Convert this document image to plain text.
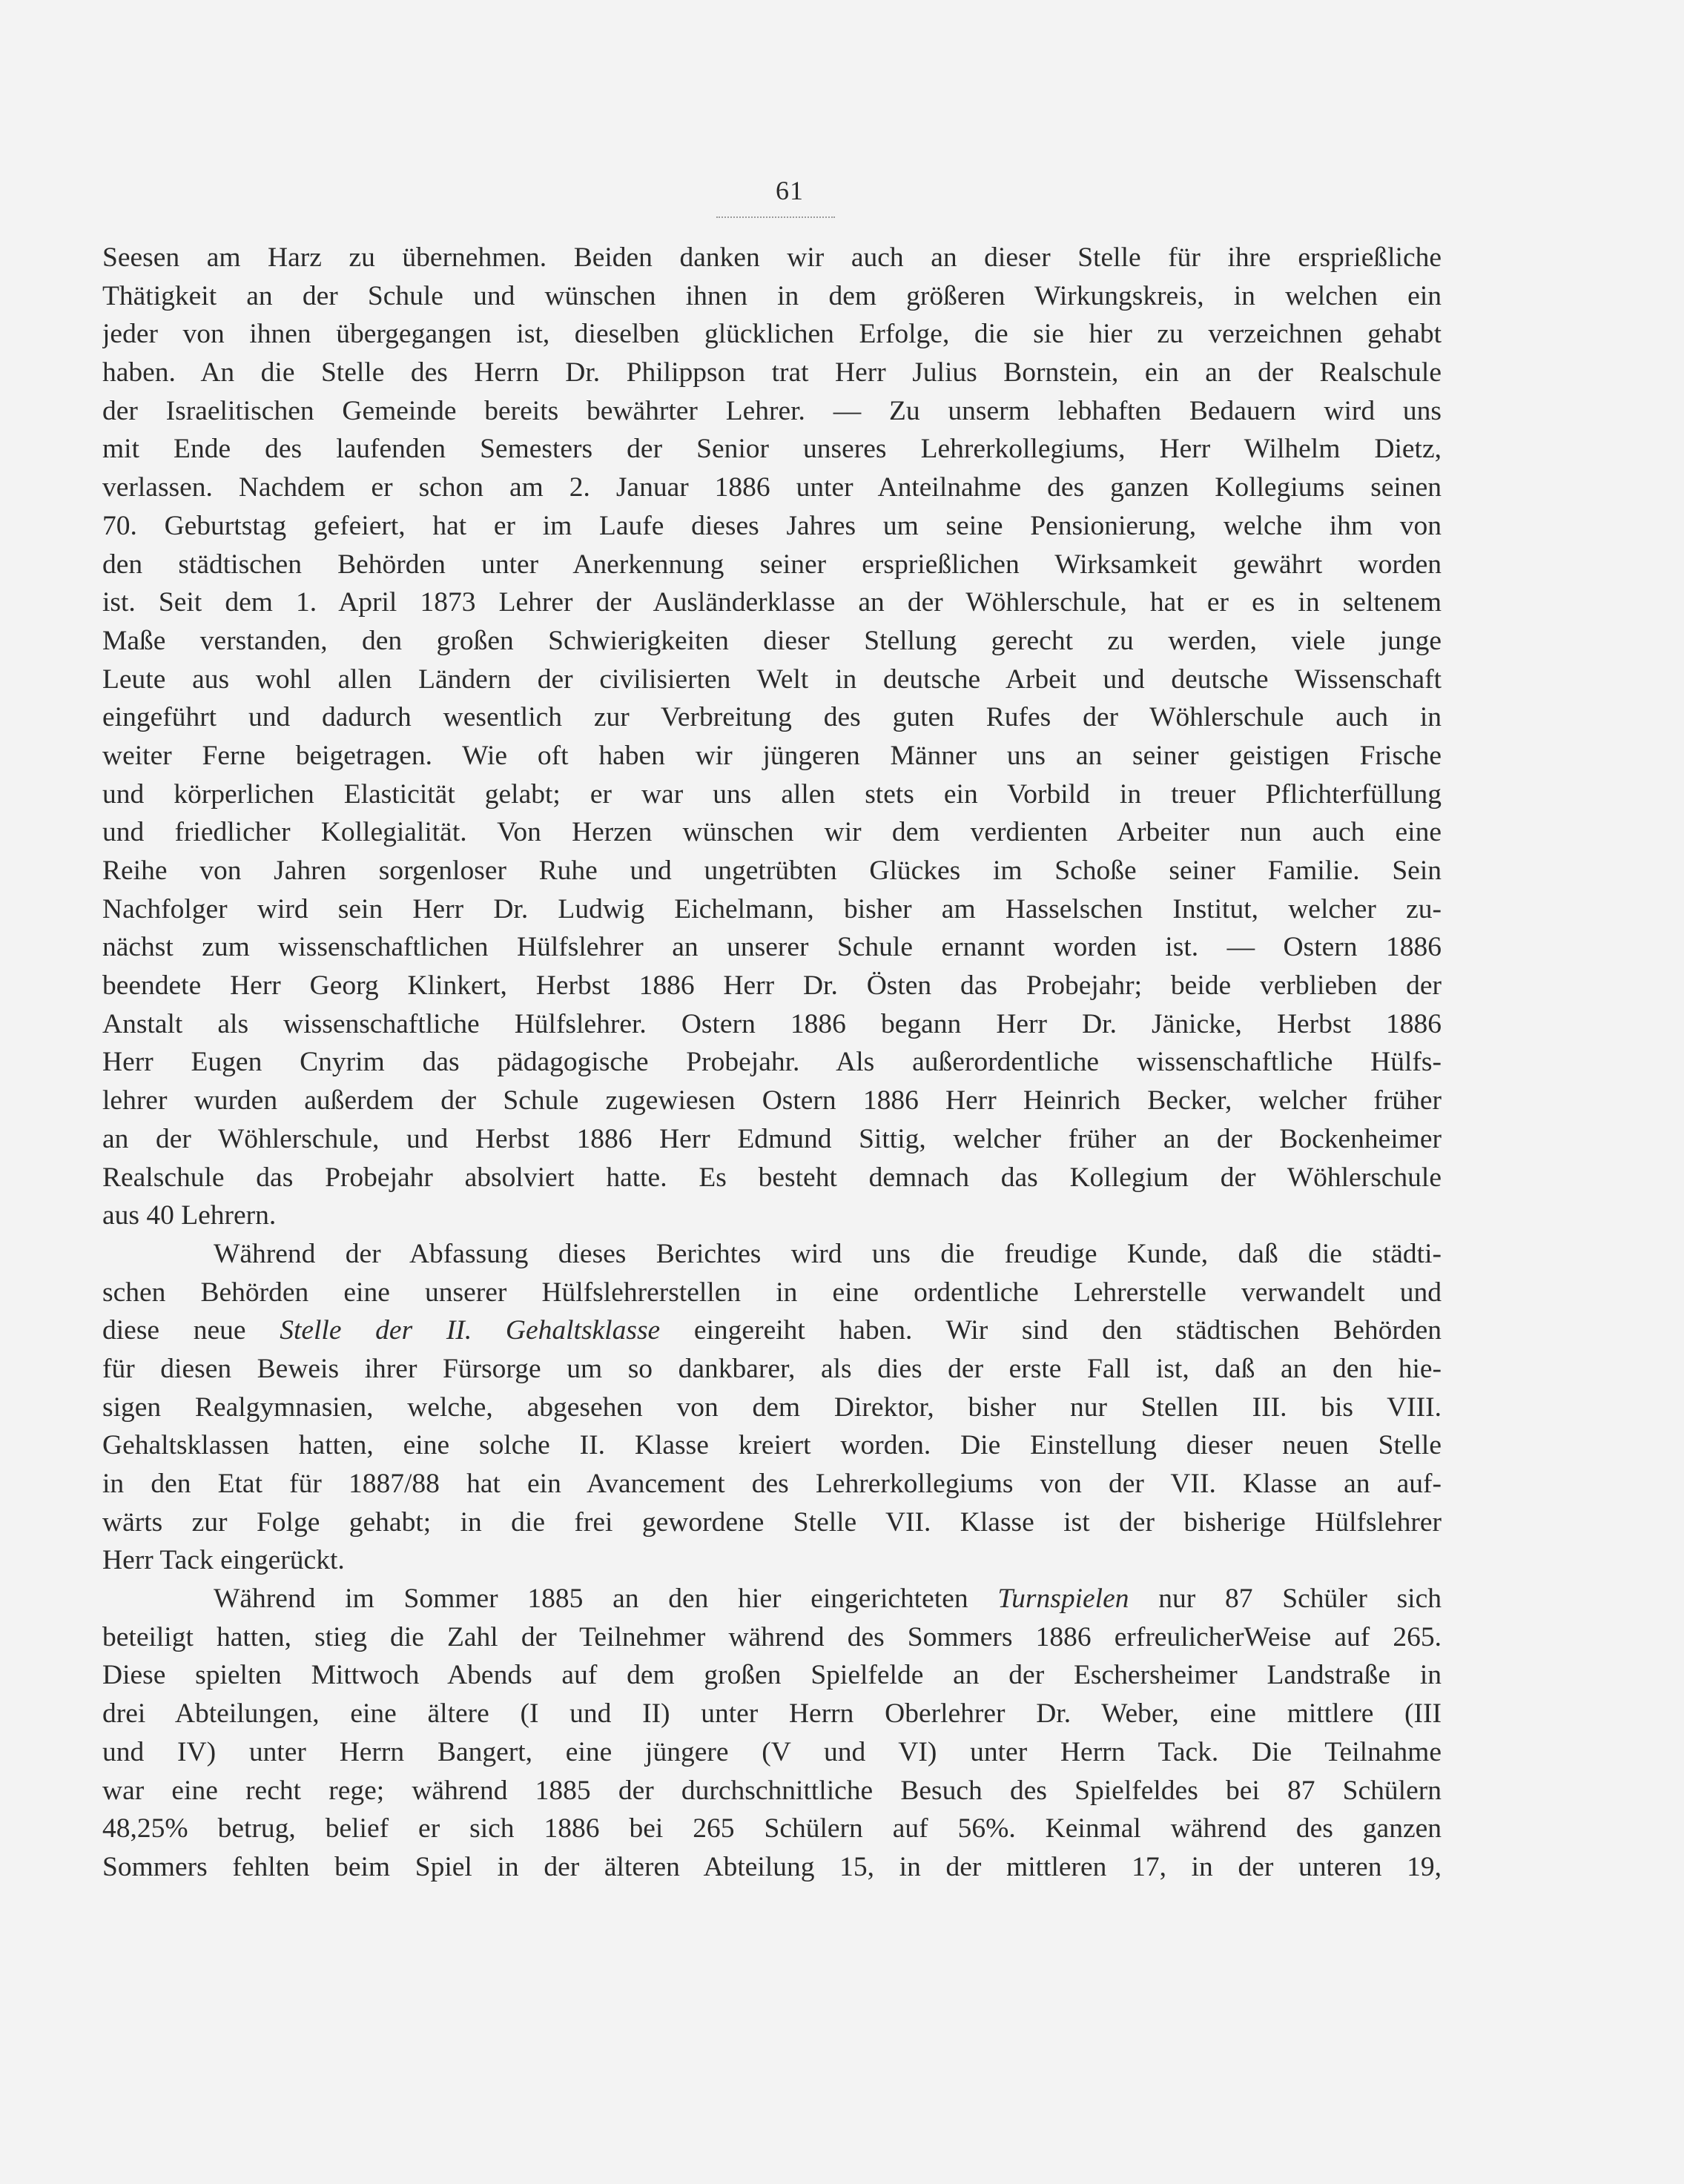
61
Seesen am Harz zu übernehmen. Beiden danken wir auch an dieser Stelle für ihre ersprießliche
Thätigkeit an der Schule und wünschen ihnen in dem größeren Wirkungskreis, in welchen ein
jeder von ihnen übergegangen ist, dieselben glücklichen Erfolge, die sie hier zu verzeichnen gehabt
haben. An die Stelle des Herrn Dr. Philippson trat Herr Julius Bornstein, ein an der Realschule
der Israelitischen Gemeinde bereits bewährter Lehrer. — Zu unserm lebhaften Bedauern wird uns
mit Ende des laufenden Semesters der Senior unseres Lehrerkollegiums, Herr Wilhelm Dietz,
verlassen. Nachdem er schon am 2. Januar 1886 unter Anteilnahme des ganzen Kollegiums seinen
70. Geburtstag gefeiert, hat er im Laufe dieses Jahres um seine Pensionierung, welche ihm von
den städtischen Behörden unter Anerkennung seiner ersprießlichen Wirksamkeit gewährt worden
ist. Seit dem 1. April 1873 Lehrer der Ausländerklasse an der Wöhlerschule, hat er es in seltenem
Maße verstanden, den großen Schwierigkeiten dieser Stellung gerecht zu werden, viele junge
Leute aus wohl allen Ländern der civilisierten Welt in deutsche Arbeit und deutsche Wissenschaft
eingeführt und dadurch wesentlich zur Verbreitung des guten Rufes der Wöhlerschule auch in
weiter Ferne beigetragen. Wie oft haben wir jüngeren Männer uns an seiner geistigen Frische
und körperlichen Elasticität gelabt; er war uns allen stets ein Vorbild in treuer Pflichterfüllung
und friedlicher Kollegialität. Von Herzen wünschen wir dem verdienten Arbeiter nun auch eine
Reihe von Jahren sorgenloser Ruhe und ungetrübten Glückes im Schoße seiner Familie. Sein
Nachfolger wird sein Herr Dr. Ludwig Eichelmann, bisher am Hasselschen Institut, welcher zu-
nächst zum wissenschaftlichen Hülfslehrer an unserer Schule ernannt worden ist. — Ostern 1886
beendete Herr Georg Klinkert, Herbst 1886 Herr Dr. Östen das Probejahr; beide verblieben der
Anstalt als wissenschaftliche Hülfslehrer. Ostern 1886 begann Herr Dr. Jänicke, Herbst 1886
Herr Eugen Cnyrim das pädagogische Probejahr. Als außerordentliche wissenschaftliche Hülfs-
lehrer wurden außerdem der Schule zugewiesen Ostern 1886 Herr Heinrich Becker, welcher früher
an der Wöhlerschule, und Herbst 1886 Herr Edmund Sittig, welcher früher an der Bockenheimer
Realschule das Probejahr absolviert hatte. Es besteht demnach das Kollegium der Wöhlerschule
aus 40 Lehrern.
Während der Abfassung dieses Berichtes wird uns die freudige Kunde, daß die städti-
schen Behörden eine unserer Hülfslehrerstellen in eine ordentliche Lehrerstelle verwandelt und
diese neue Stelle der II. Gehaltsklasse eingereiht haben. Wir sind den städtischen Behörden
für diesen Beweis ihrer Fürsorge um so dankbarer, als dies der erste Fall ist, daß an den hie-
sigen Realgymnasien, welche, abgesehen von dem Direktor, bisher nur Stellen III. bis VIII.
Gehaltsklassen hatten, eine solche II. Klasse kreiert worden. Die Einstellung dieser neuen Stelle
in den Etat für 1887/88 hat ein Avancement des Lehrerkollegiums von der VII. Klasse an auf-
wärts zur Folge gehabt; in die frei gewordene Stelle VII. Klasse ist der bisherige Hülfslehrer
Herr Tack eingerückt.
Während im Sommer 1885 an den hier eingerichteten Turnspielen nur 87 Schüler sich
beteiligt hatten, stieg die Zahl der Teilnehmer während des Sommers 1886 erfreulicherWeise auf 265.
Diese spielten Mittwoch Abends auf dem großen Spielfelde an der Eschersheimer Landstraße in
drei Abteilungen, eine ältere (I und II) unter Herrn Oberlehrer Dr. Weber, eine mittlere (III
und IV) unter Herrn Bangert, eine jüngere (V und VI) unter Herrn Tack. Die Teilnahme
war eine recht rege; während 1885 der durchschnittliche Besuch des Spielfeldes bei 87 Schülern
48,25% betrug, belief er sich 1886 bei 265 Schülern auf 56%. Keinmal während des ganzen
Sommers fehlten beim Spiel in der älteren Abteilung 15, in der mittleren 17, in der unteren 19,
